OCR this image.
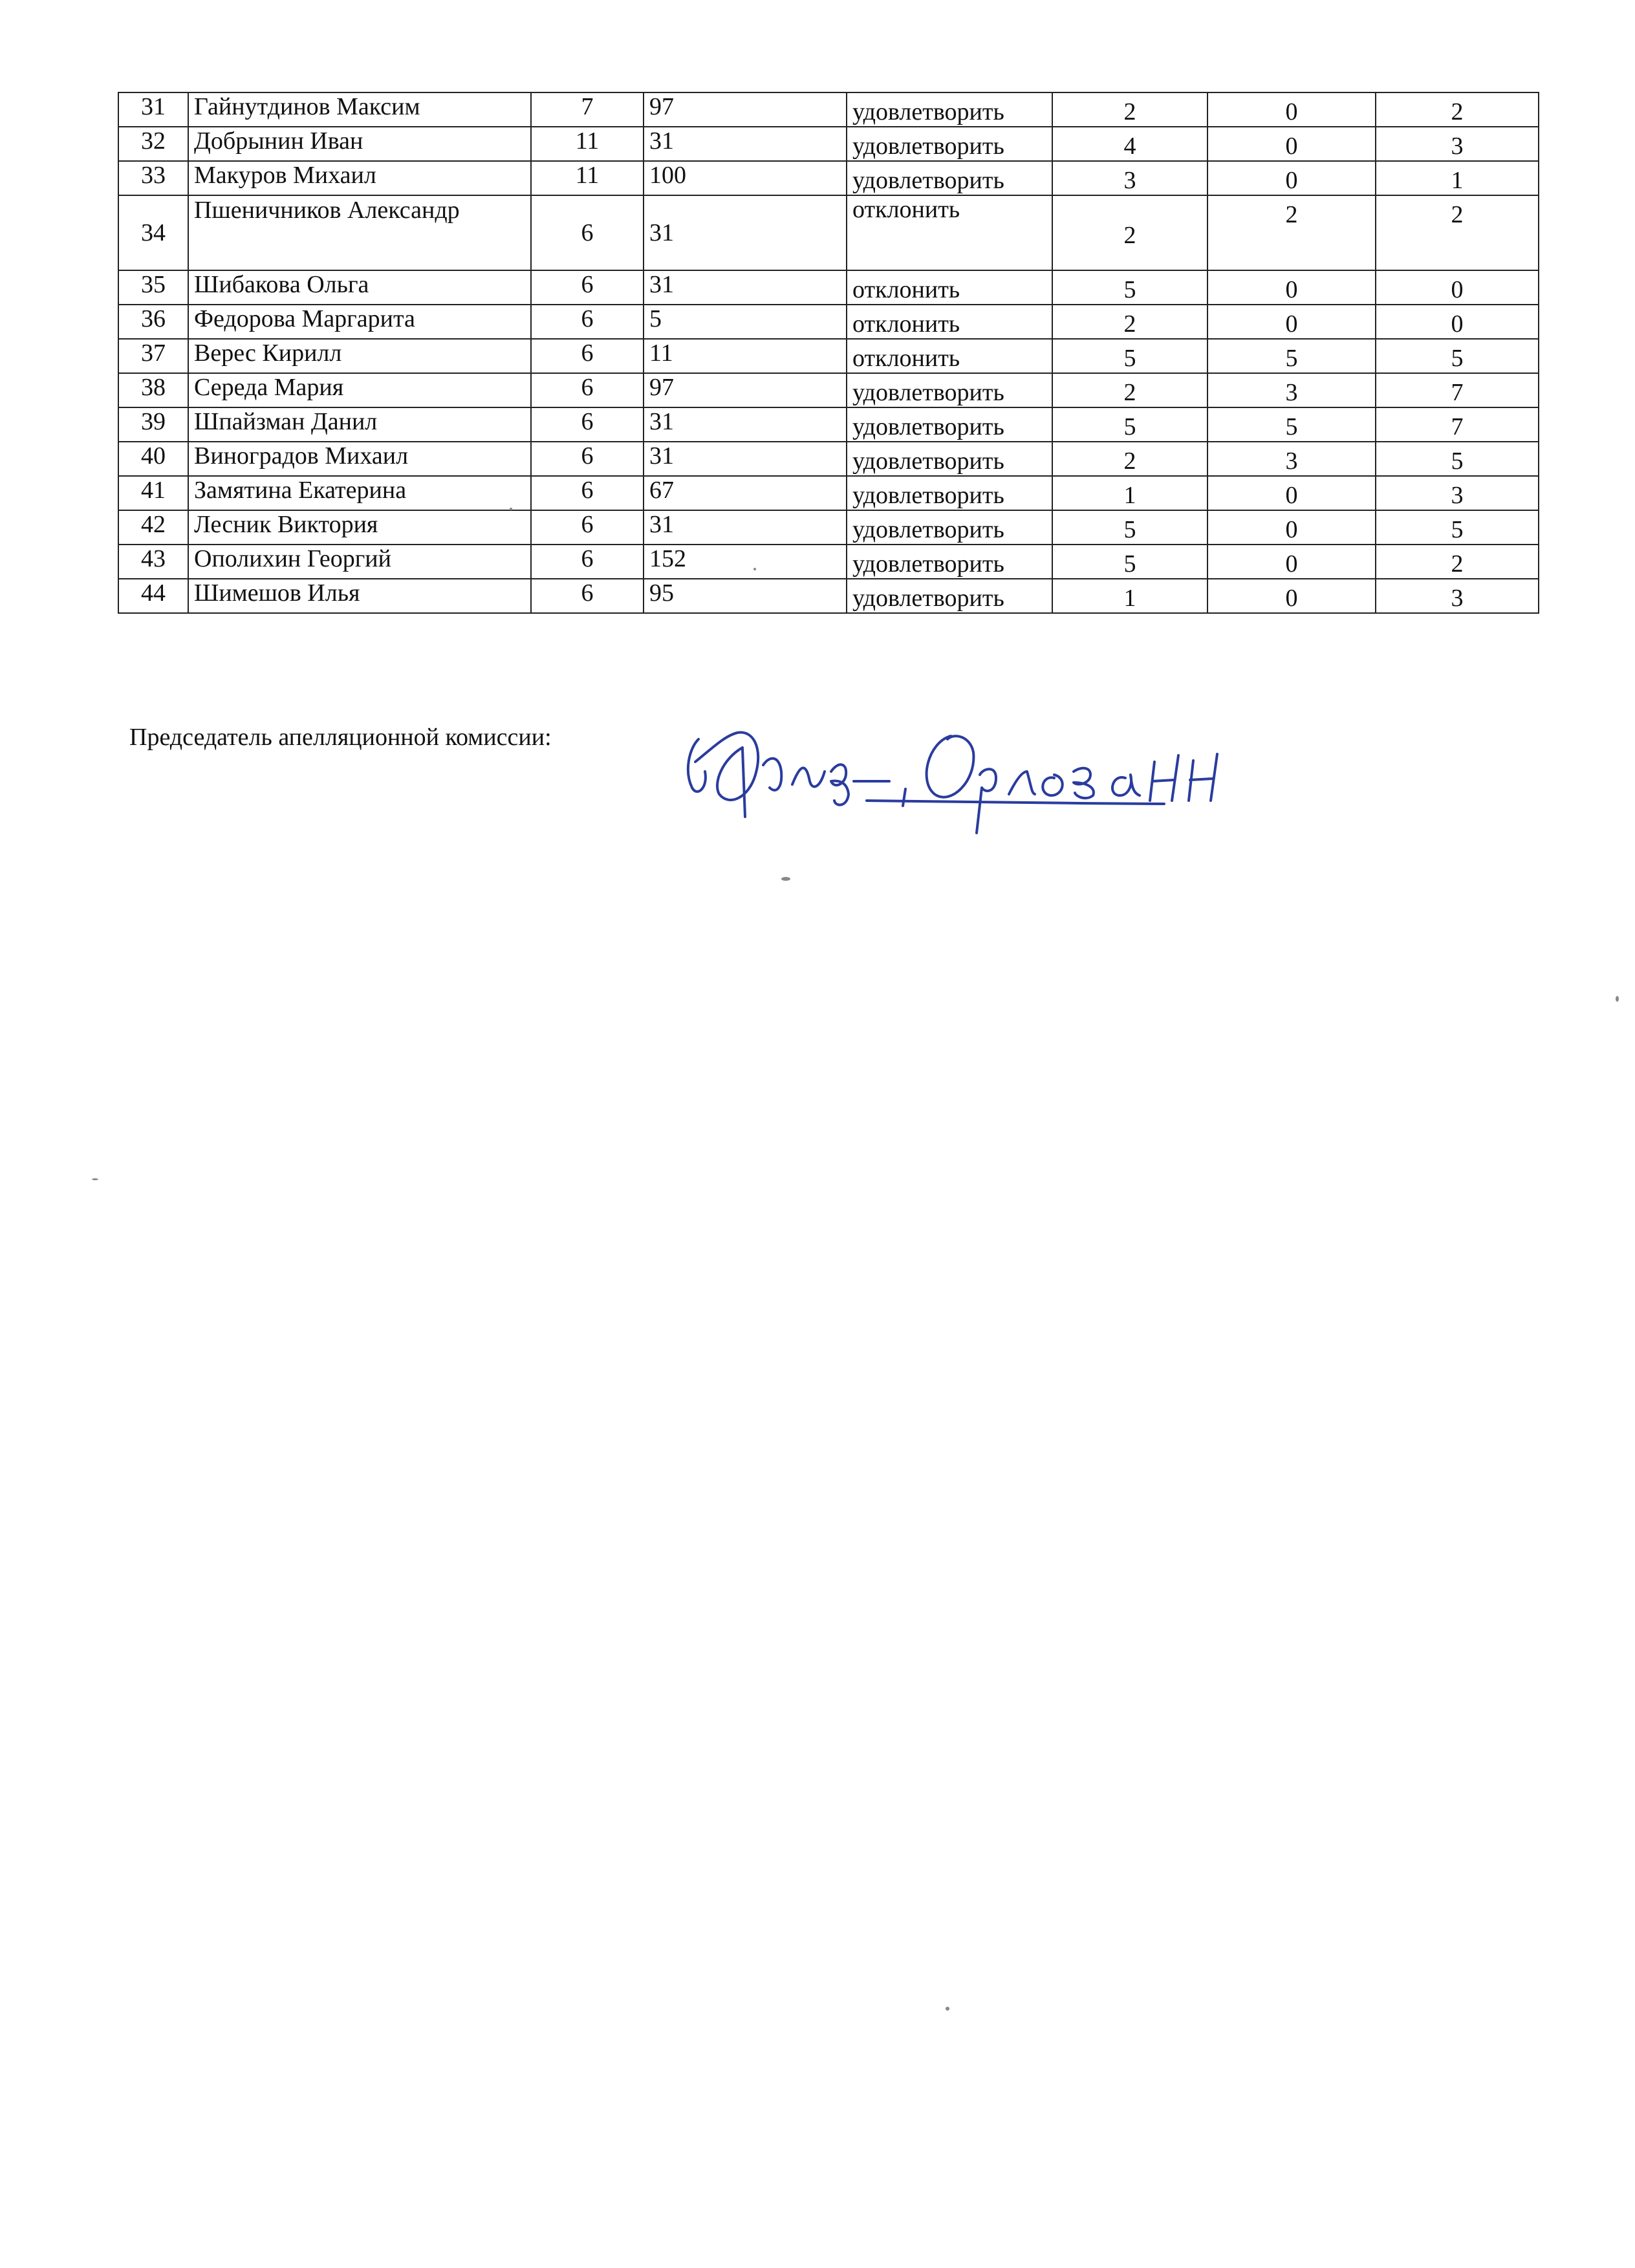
31	Гайнутдинов Максим	7	97	удовлетворить	2	0	2

32	Добрынин Иван	11	31	удовлетворить	4	0	3

33	Макуров Михаил	11	100	удовлетворить	3	0	1

34	Пшеничников Александр	6	31	отклонить	2	2	2

35	Шибакова Ольга	6	31	отклонить	5	0	0

36	Федорова Маргарита	6	5	отклонить	2	0	0

37	Верес Кирилл	6	11	отклонить	5	5	5

38	Середа Мария	6	97	удовлетворить	2	3	7

39	Шпайзман Данил	6	31	удовлетворить	5	5	7

40	Виноградов Михаил	6	31	удовлетворить	2	3	5

41	Замятина Екатерина	6	67	удовлетворить	1	0	3

42	Лесник Виктория	6	31	удовлетворить	5	0	5

43	Ополихин Георгий	6	152	удовлетворить	5	0	2

44	Шимешов Илья	6	95	удовлетворить	1	0	3
Председатель апелляционной комиссии:
